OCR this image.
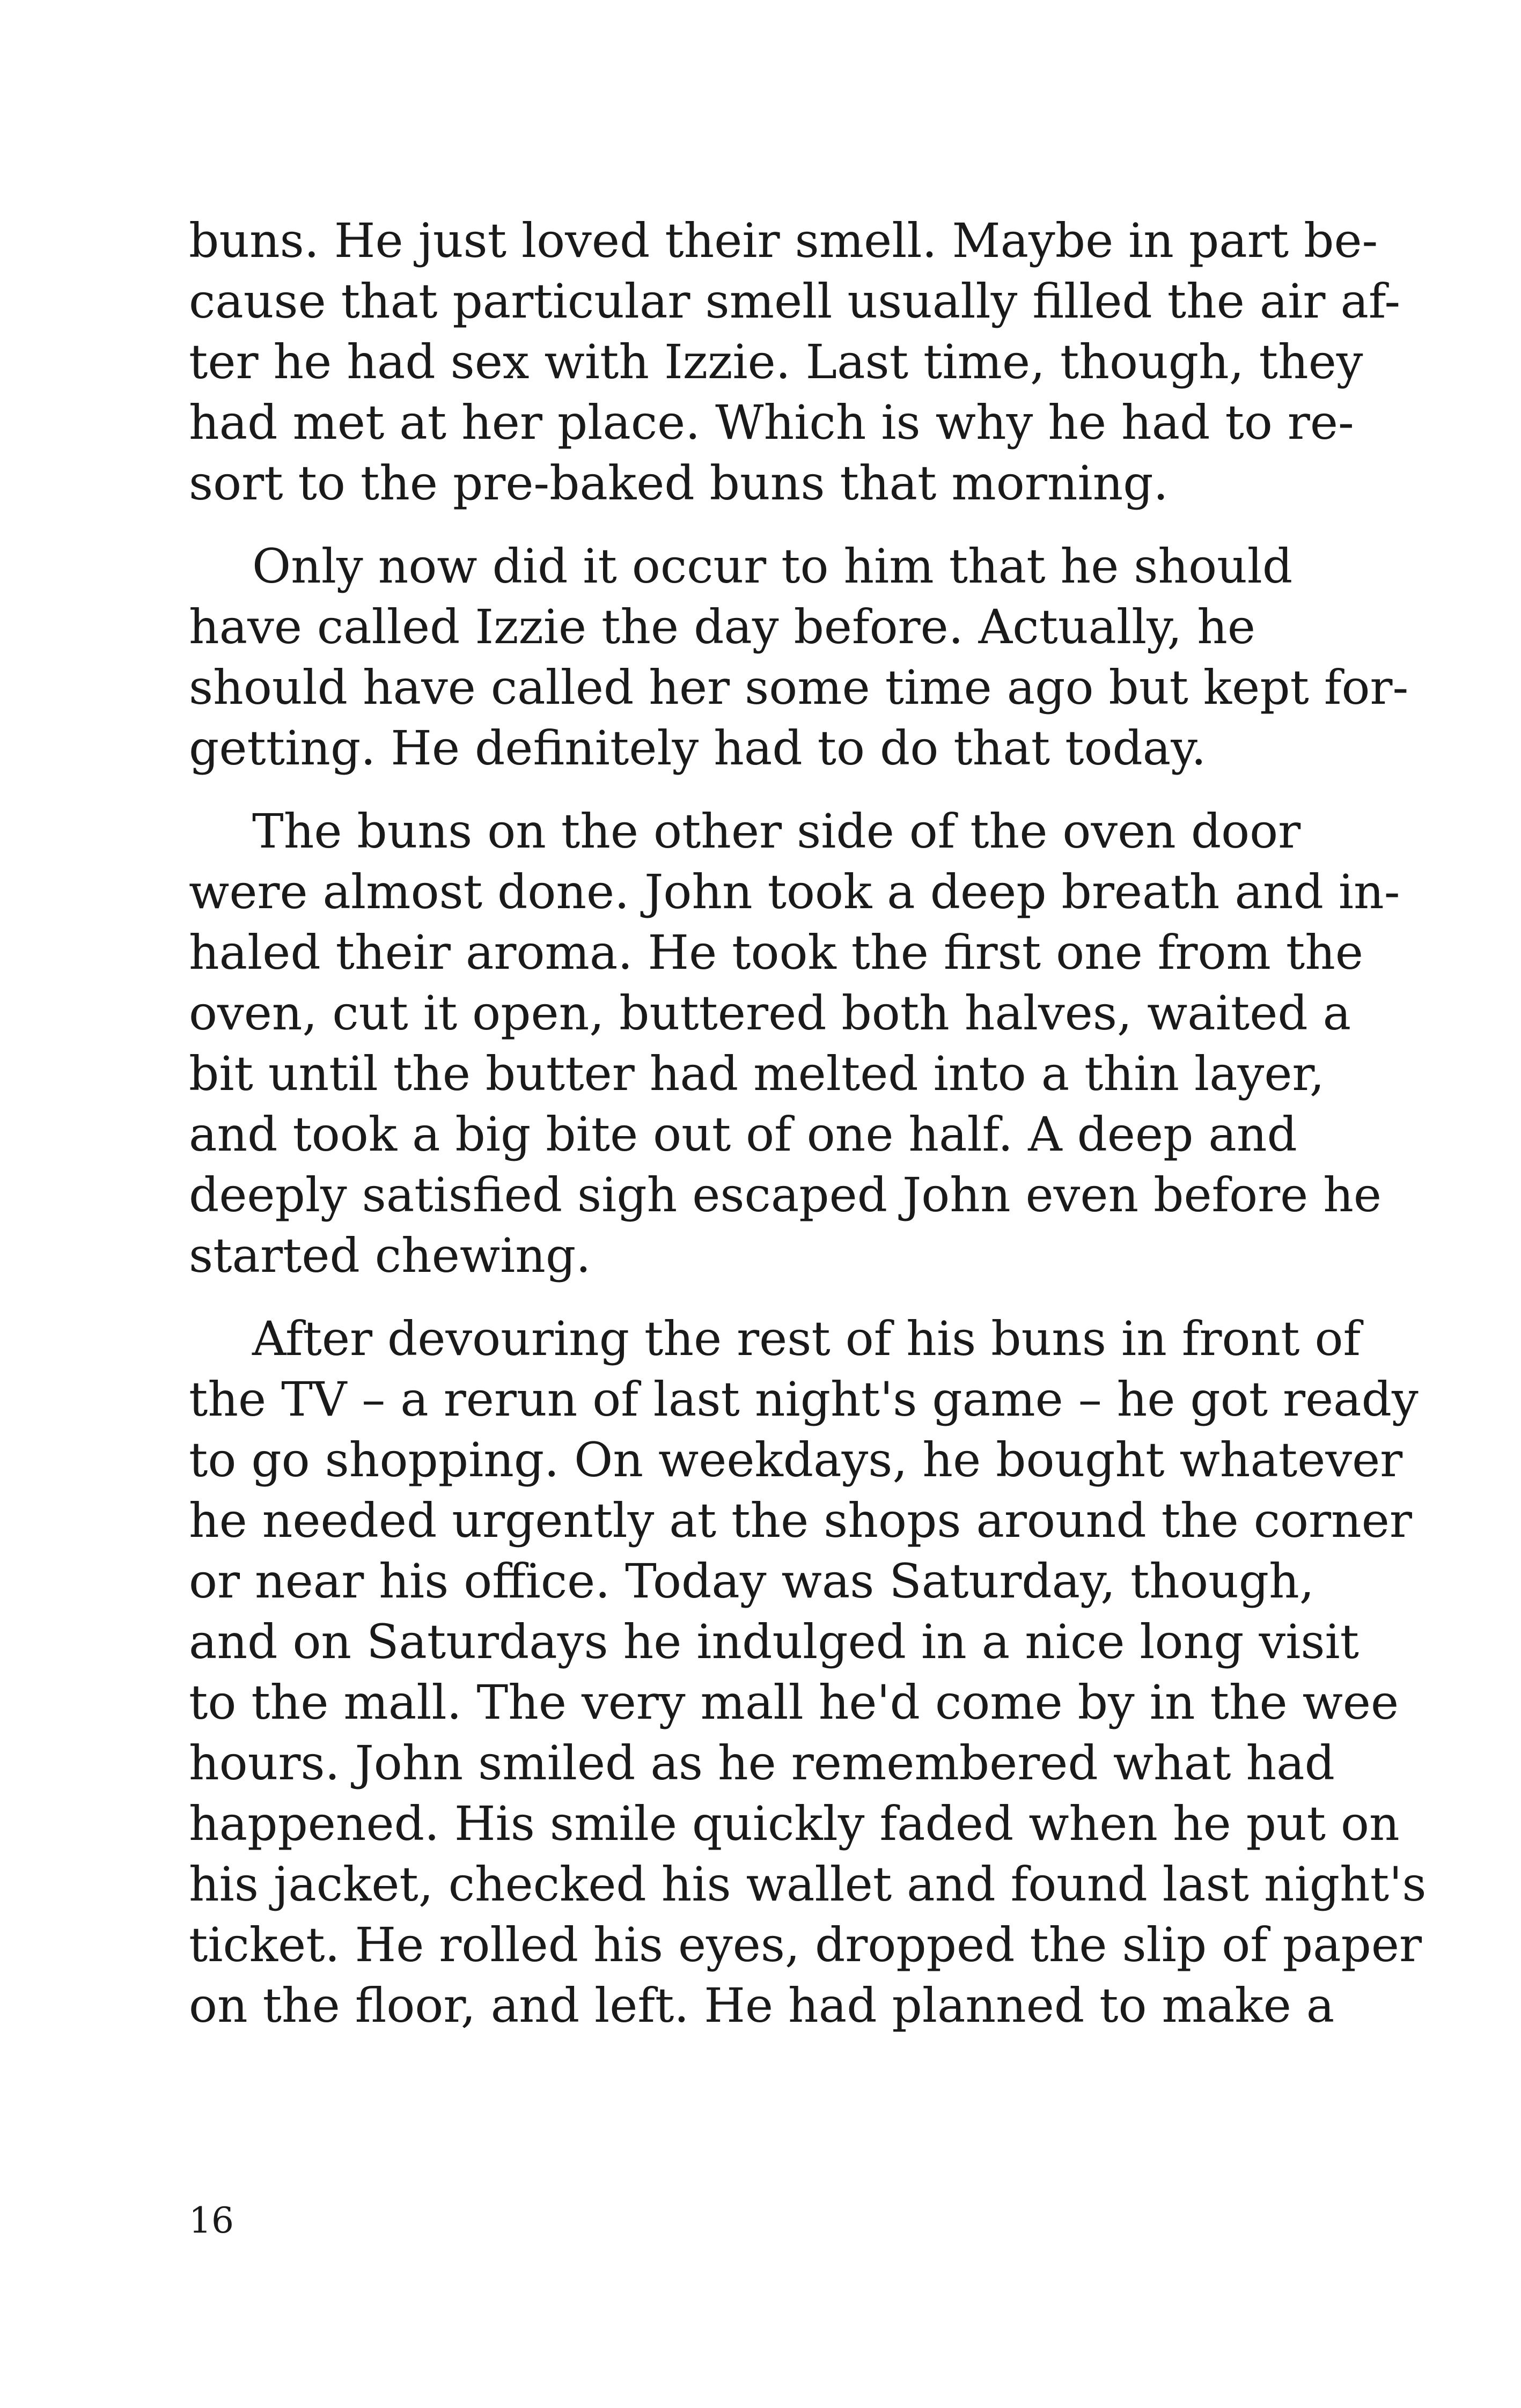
buns. He just loved their smell. Maybe in part be-
cause that particular smell usually filled the air af-
ter he had sex with Izzie. Last time, though, they
had met at her place. Which is why he had to re-
sort to the pre-baked buns that morning.
Only now did it occur to him that he should
have called Izzie the day before. Actually, he
should have called her some time ago but kept for-
getting. He definitely had to do that today.
The buns on the other side of the oven door
were almost done. John took a deep breath and in-
haled their aroma. He took the first one from the
oven, cut it open, buttered both halves, waited a
bit until the butter had melted into a thin layer,
and took a big bite out of one half. A deep and
deeply satisfied sigh escaped John even before he
started chewing.
After devouring the rest of his buns in front of
the TV – a rerun of last night's game – he got ready
to go shopping. On weekdays, he bought whatever
he needed urgently at the shops around the corner
or near his office. Today was Saturday, though,
and on Saturdays he indulged in a nice long visit
to the mall. The very mall he'd come by in the wee
hours. John smiled as he remembered what had
happened. His smile quickly faded when he put on
his jacket, checked his wallet and found last night's
ticket. He rolled his eyes, dropped the slip of paper
on the floor, and left. He had planned to make a
16
